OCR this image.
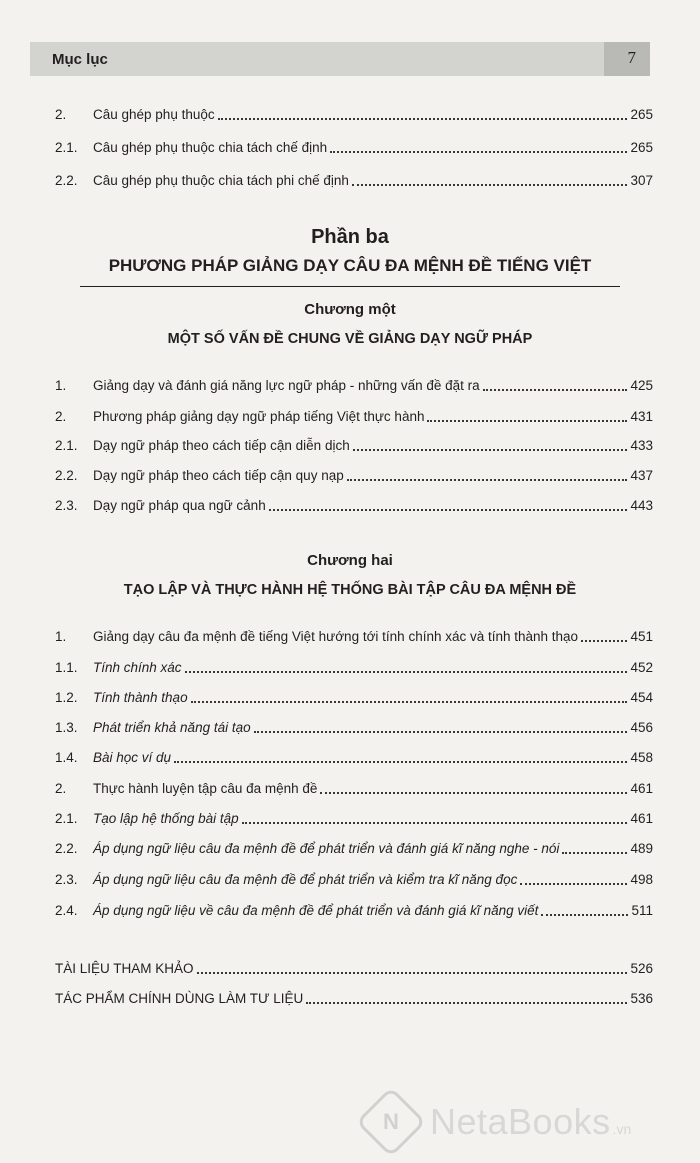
Mục lục	7
2.	Câu ghép phụ thuộc	265
2.1.	Câu ghép phụ thuộc chia tách chế định	265
2.2.	Câu ghép phụ thuộc chia tách phi chế định	307
Phần ba
PHƯƠNG PHÁP GIẢNG DẠY CÂU ĐA MỆNH ĐỀ TIẾNG VIỆT
Chương một
MỘT SỐ VẤN ĐỀ CHUNG VỀ GIẢNG DẠY NGỮ PHÁP
1.	Giảng dạy và đánh giá năng lực ngữ pháp - những vấn đề đặt ra	425
2.	Phương pháp giảng dạy ngữ pháp tiếng Việt thực hành	431
2.1.	Dạy ngữ pháp theo cách tiếp cận diễn dịch	433
2.2.	Dạy ngữ pháp theo cách tiếp cận quy nạp	437
2.3.	Dạy ngữ pháp qua ngữ cảnh	443
Chương hai
TẠO LẬP VÀ THỰC HÀNH HỆ THỐNG BÀI TẬP CÂU ĐA MỆNH ĐỀ
1.	Giảng dạy câu đa mệnh đề tiếng Việt hướng tới tính chính xác và tính thành thạo	451
1.1.	Tính chính xác	452
1.2.	Tính thành thạo	454
1.3.	Phát triển khả năng tái tạo	456
1.4.	Bài học ví dụ	458
2.	Thực hành luyện tập câu đa mệnh đề	461
2.1.	Tạo lập hệ thống bài tập	461
2.2.	Áp dụng ngữ liệu câu đa mệnh đề để phát triển và đánh giá kĩ năng nghe - nói	489
2.3.	Áp dụng ngữ liệu câu đa mệnh đề để phát triển và kiểm tra kĩ năng đọc	498
2.4.	Áp dụng ngữ liệu về câu đa mệnh đề để phát triển và đánh giá kĩ năng viết	511
TÀI LIỆU THAM KHẢO	526
TÁC PHẨM CHÍNH DÙNG LÀM TƯ LIỆU	536
N NetaBooks .vn
